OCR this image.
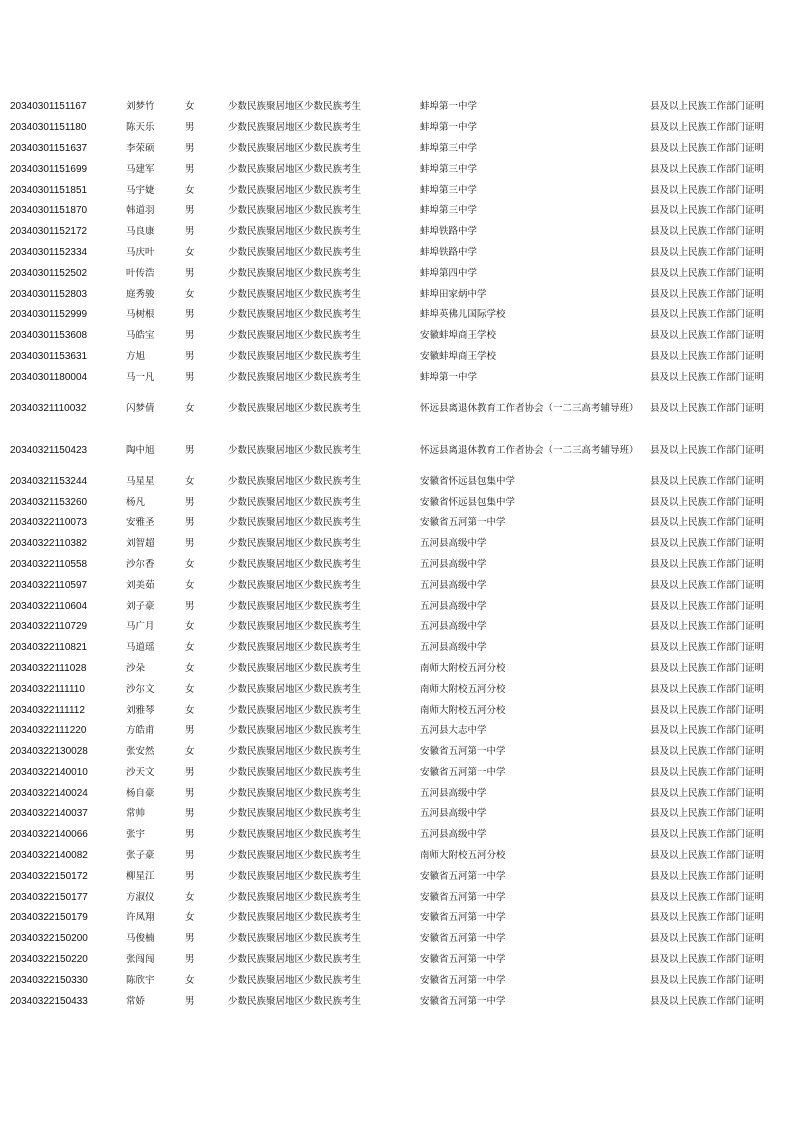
20340301151167	刘梦竹	女	少数民族聚居地区少数民族考生	蚌埠第一中学	县及以上民族工作部门证明
20340301151180	陈天乐	男	少数民族聚居地区少数民族考生	蚌埠第一中学	县及以上民族工作部门证明
20340301151637	李荣硕	男	少数民族聚居地区少数民族考生	蚌埠第三中学	县及以上民族工作部门证明
20340301151699	马建军	男	少数民族聚居地区少数民族考生	蚌埠第三中学	县及以上民族工作部门证明
20340301151851	马宇婕	女	少数民族聚居地区少数民族考生	蚌埠第三中学	县及以上民族工作部门证明
20340301151870	韩道羽	男	少数民族聚居地区少数民族考生	蚌埠第三中学	县及以上民族工作部门证明
20340301152172	马良康	男	少数民族聚居地区少数民族考生	蚌埠铁路中学	县及以上民族工作部门证明
20340301152334	马庆叶	女	少数民族聚居地区少数民族考生	蚌埠铁路中学	县及以上民族工作部门证明
20340301152502	叶传浩	男	少数民族聚居地区少数民族考生	蚌埠第四中学	县及以上民族工作部门证明
20340301152803	庭秀骏	女	少数民族聚居地区少数民族考生	蚌埠田家炳中学	县及以上民族工作部门证明
20340301152999	马树根	男	少数民族聚居地区少数民族考生	蚌埠英佛儿国际学校	县及以上民族工作部门证明
20340301153608	马皓宝	男	少数民族聚居地区少数民族考生	安徽蚌埠商王学校	县及以上民族工作部门证明
20340301153631	方旭	男	少数民族聚居地区少数民族考生	安徽蚌埠商王学校	县及以上民族工作部门证明
20340301180004	马一凡	男	少数民族聚居地区少数民族考生	蚌埠第一中学	县及以上民族工作部门证明
20340321110032	闪梦倩	女	少数民族聚居地区少数民族考生	怀远县离退休教育工作者协会（一二三高考辅导班）	县及以上民族工作部门证明
20340321150423	陶中旭	男	少数民族聚居地区少数民族考生	怀远县离退休教育工作者协会（一二三高考辅导班）	县及以上民族工作部门证明
20340321153244	马星星	女	少数民族聚居地区少数民族考生	安徽省怀远县包集中学	县及以上民族工作部门证明
20340321153260	杨凡	男	少数民族聚居地区少数民族考生	安徽省怀远县包集中学	县及以上民族工作部门证明
20340322110073	安雅圣	男	少数民族聚居地区少数民族考生	安徽省五河第一中学	县及以上民族工作部门证明
20340322110382	刘智超	男	少数民族聚居地区少数民族考生	五河县高级中学	县及以上民族工作部门证明
20340322110558	沙尔香	女	少数民族聚居地区少数民族考生	五河县高级中学	县及以上民族工作部门证明
20340322110597	刘美茹	女	少数民族聚居地区少数民族考生	五河县高级中学	县及以上民族工作部门证明
20340322110604	刘子豪	男	少数民族聚居地区少数民族考生	五河县高级中学	县及以上民族工作部门证明
20340322110729	马广月	女	少数民族聚居地区少数民族考生	五河县高级中学	县及以上民族工作部门证明
20340322110821	马道瑶	女	少数民族聚居地区少数民族考生	五河县高级中学	县及以上民族工作部门证明
20340322111028	沙朵	女	少数民族聚居地区少数民族考生	南师大附校五河分校	县及以上民族工作部门证明
20340322111110	沙尔文	女	少数民族聚居地区少数民族考生	南师大附校五河分校	县及以上民族工作部门证明
20340322111112	刘雅琴	女	少数民族聚居地区少数民族考生	南师大附校五河分校	县及以上民族工作部门证明
20340322111220	方皓甫	男	少数民族聚居地区少数民族考生	五河县大志中学	县及以上民族工作部门证明
20340322130028	张安然	女	少数民族聚居地区少数民族考生	安徽省五河第一中学	县及以上民族工作部门证明
20340322140010	沙天文	男	少数民族聚居地区少数民族考生	安徽省五河第一中学	县及以上民族工作部门证明
20340322140024	杨自豪	男	少数民族聚居地区少数民族考生	五河县高级中学	县及以上民族工作部门证明
20340322140037	常帅	男	少数民族聚居地区少数民族考生	五河县高级中学	县及以上民族工作部门证明
20340322140066	张宇	男	少数民族聚居地区少数民族考生	五河县高级中学	县及以上民族工作部门证明
20340322140082	张子豪	男	少数民族聚居地区少数民族考生	南师大附校五河分校	县及以上民族工作部门证明
20340322150172	柳星江	男	少数民族聚居地区少数民族考生	安徽省五河第一中学	县及以上民族工作部门证明
20340322150177	方淑仪	女	少数民族聚居地区少数民族考生	安徽省五河第一中学	县及以上民族工作部门证明
20340322150179	许凤翔	女	少数民族聚居地区少数民族考生	安徽省五河第一中学	县及以上民族工作部门证明
20340322150200	马俊楠	男	少数民族聚居地区少数民族考生	安徽省五河第一中学	县及以上民族工作部门证明
20340322150220	张闯闯	男	少数民族聚居地区少数民族考生	安徽省五河第一中学	县及以上民族工作部门证明
20340322150330	陈欣宇	女	少数民族聚居地区少数民族考生	安徽省五河第一中学	县及以上民族工作部门证明
20340322150433	常娇	男	少数民族聚居地区少数民族考生	安徽省五河第一中学	县及以上民族工作部门证明
